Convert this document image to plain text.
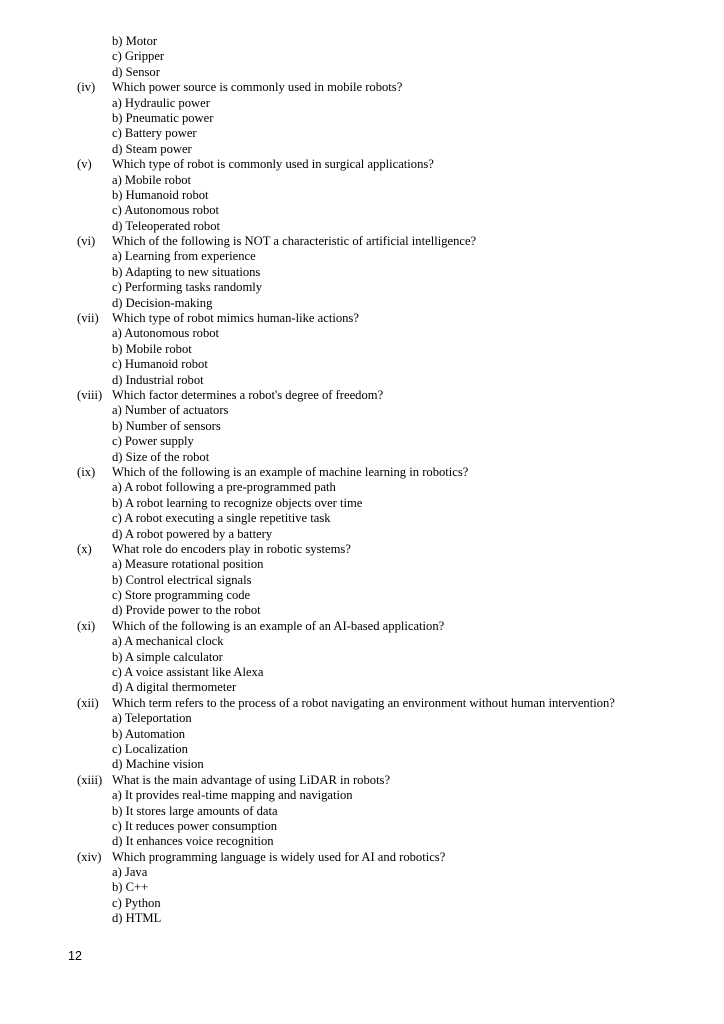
b) Motor
c) Gripper
d) Sensor
(iv) Which power source is commonly used in mobile robots?
a) Hydraulic power
b) Pneumatic power
c) Battery power
d) Steam power
(v) Which type of robot is commonly used in surgical applications?
a) Mobile robot
b) Humanoid robot
c) Autonomous robot
d) Teleoperated robot
(vi) Which of the following is NOT a characteristic of artificial intelligence?
a) Learning from experience
b) Adapting to new situations
c) Performing tasks randomly
d) Decision-making
(vii) Which type of robot mimics human-like actions?
a) Autonomous robot
b) Mobile robot
c) Humanoid robot
d) Industrial robot
(viii) Which factor determines a robot's degree of freedom?
a) Number of actuators
b) Number of sensors
c) Power supply
d) Size of the robot
(ix) Which of the following is an example of machine learning in robotics?
a) A robot following a pre-programmed path
b) A robot learning to recognize objects over time
c) A robot executing a single repetitive task
d) A robot powered by a battery
(x) What role do encoders play in robotic systems?
a) Measure rotational position
b) Control electrical signals
c) Store programming code
d) Provide power to the robot
(xi) Which of the following is an example of an AI-based application?
a) A mechanical clock
b) A simple calculator
c) A voice assistant like Alexa
d) A digital thermometer
(xii) Which term refers to the process of a robot navigating an environment without human intervention?
a) Teleportation
b) Automation
c) Localization
d) Machine vision
(xiii) What is the main advantage of using LiDAR in robots?
a) It provides real-time mapping and navigation
b) It stores large amounts of data
c) It reduces power consumption
d) It enhances voice recognition
(xiv) Which programming language is widely used for AI and robotics?
a) Java
b) C++
c) Python
d) HTML
12
